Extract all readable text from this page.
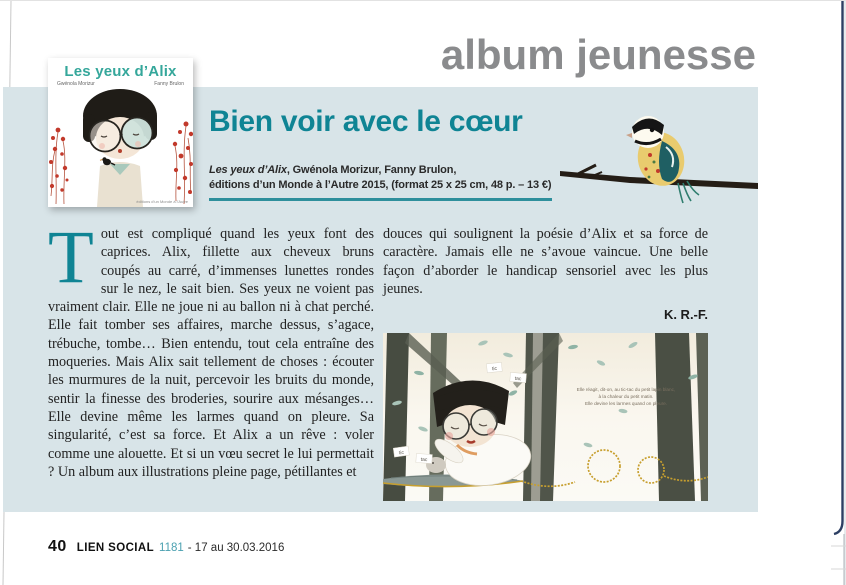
album jeunesse
Les yeux d’Alix
Gwénola Morizur	Fanny Brulon
éditions d’un Monde à l’Autre
Bien voir avec le cœur

Les yeux d’Alix, Gwénola Morizur, Fanny Brulon,
éditions d’un Monde à l’Autre 2015, (format 25 x 25 cm, 48 p. – 13 €)

Tout est compliqué quand les yeux font des caprices. Alix, fillette aux cheveux bruns coupés au carré, d’immenses lunettes rondes sur le nez, le sait bien. Ses yeux ne voient pas vraiment clair. Elle ne joue ni au ballon ni à chat perché. Elle fait tomber ses affaires, marche dessus, s’agace, trébuche, tombe… Bien entendu, tout cela entraîne des moqueries. Mais Alix sait tellement de choses : écouter les murmures de la nuit, percevoir les bruits du monde, sentir la finesse des broderies, sourire aux mésanges… Elle devine même les larmes quand on pleure. Sa singularité, c’est sa force. Et Alix a un rêve : voler comme une alouette. Et si un vœu secret le lui permettait ? Un album aux illustrations pleine page, pétillantes et
douces qui soulignent la poésie d’Alix et sa force de caractère. Jamais elle ne s’avoue vaincue. Une belle façon d’aborder le handicap sensoriel avec les plus jeunes.
K. R.-F.
tic
tac
tic
tac
Elle réagit, dit-on, au tic-tac du petit lapin blanc,
à la chaleur du petit matin.
Elle devine les larmes quand on pleure.
40 LIEN SOCIAL 1181 - 17 au 30.03.2016
